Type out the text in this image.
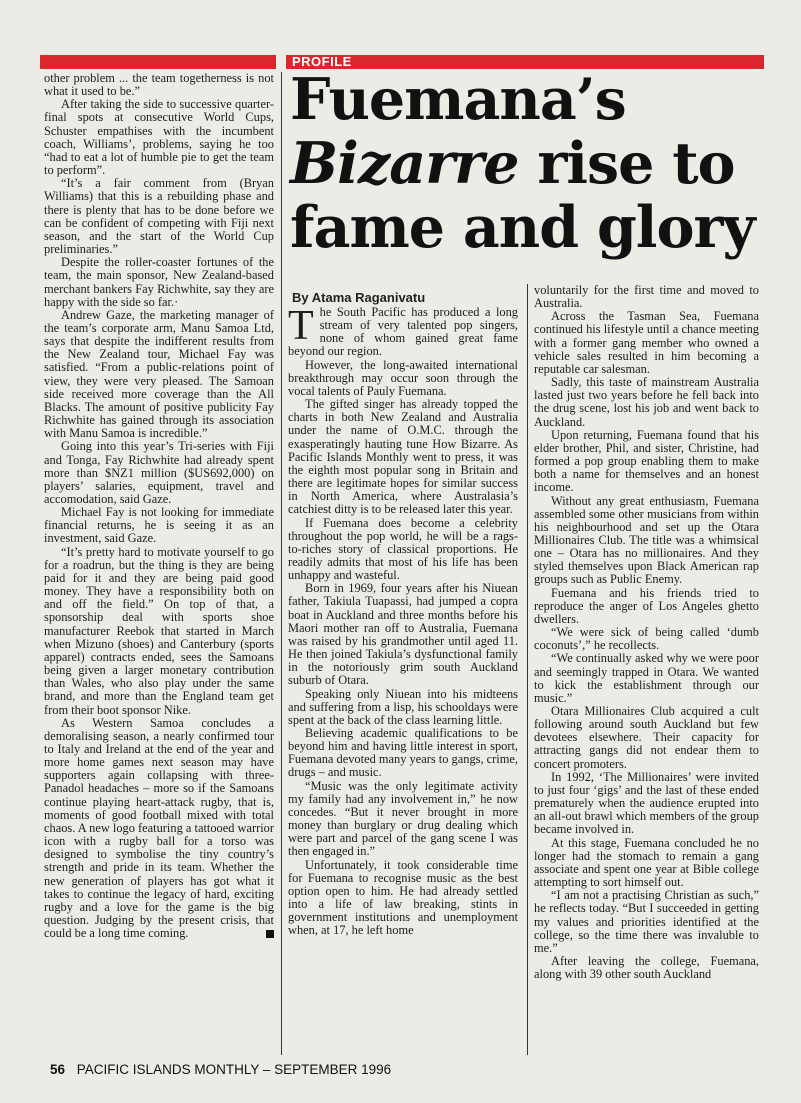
PROFILE
Fuemana’s
Bizarre rise to
fame and glory
By Atama Raganivatu

other problem ... the team togetherness is not what it used to be.”

After taking the side to successive quarter-final spots at consecutive World Cups, Schuster empathises with the incumbent coach, Williams’, problems, saying he too “had to eat a lot of humble pie to get the team to perform”.

“It’s a fair comment from (Bryan Williams) that this is a rebuilding phase and there is plenty that has to be done before we can be confident of competing with Fiji next season, and the start of the World Cup preliminaries.”

Despite the roller-coaster fortunes of the team, the main sponsor, New Zealand-based merchant bankers Fay Richwhite, say they are happy with the side so far.·

Andrew Gaze, the marketing manager of the team’s corporate arm, Manu Samoa Ltd, says that despite the indifferent results from the New Zealand tour, Michael Fay was satisfied. “From a public-relations point of view, they were very pleased. The Samoan side received more coverage than the All Blacks. The amount of positive publicity Fay Richwhite has gained through its association with Manu Samoa is incredible.”

Going into this year’s Tri-series with Fiji and Tonga, Fay Richwhite had already spent more than $NZ1 million ($US692,000) on players’ salaries, equipment, travel and accomodation, said Gaze.

Michael Fay is not looking for immediate financial returns, he is seeing it as an investment, said Gaze.

“It’s pretty hard to motivate yourself to go for a roadrun, but the thing is they are being paid for it and they are being paid good money. They have a responsibility both on and off the field.” On top of that, a sponsorship deal with sports shoe manufacturer Reebok that started in March when Mizuno (shoes) and Canterbury (sports apparel) contracts ended, sees the Samoans being given a larger monetary contribution than Wales, who also play under the same brand, and more than the England team get from their boot sponsor Nike.

As Western Samoa concludes a demoralising season, a nearly confirmed tour to Italy and Ireland at the end of the year and more home games next season may have supporters again collapsing with three-Panadol headaches – more so if the Samoans continue playing heart-attack rugby, that is, moments of good football mixed with total chaos. A new logo featuring a tattooed warrior icon with a rugby ball for a torso was designed to symbolise the tiny country’s strength and pride in its team. Whether the new generation of players has got what it takes to continue the legacy of hard, exciting rugby and a love for the game is the big question. Judging by the present crisis, that could be a long time coming.

The South Pacific has produced a long stream of very talented pop singers, none of whom gained great fame beyond our region.

However, the long-awaited international breakthrough may occur soon through the vocal talents of Pauly Fuemana.

The gifted singer has already topped the charts in both New Zealand and Australia under the name of O.M.C. through the exasperatingly hauting tune How Bizarre. As Pacific Islands Monthly went to press, it was the eighth most popular song in Britain and there are legitimate hopes for similar success in North America, where Australasia’s catchiest ditty is to be released later this year.

If Fuemana does become a celebrity throughout the pop world, he will be a rags-to-riches story of classical proportions. He readily admits that most of his life has been unhappy and wasteful.

Born in 1969, four years after his Niuean father, Takiula Tuapassi, had jumped a copra boat in Auckland and three months before his Maori mother ran off to Australia, Fuemana was raised by his grandmother until aged 11. He then joined Takiula’s dysfunctional family in the notoriously grim south Auckland suburb of Otara.

Speaking only Niuean into his midteens and suffering from a lisp, his schooldays were spent at the back of the class learning little.

Believing academic qualifications to be beyond him and having little interest in sport, Fuemana devoted many years to gangs, crime, drugs – and music.

“Music was the only legitimate activity my family had any involvement in,” he now concedes. “But it never brought in more money than burglary or drug dealing which were part and parcel of the gang scene I was then engaged in.”

Unfortunately, it took considerable time for Fuemana to recognise music as the best option open to him. He had already settled into a life of law breaking, stints in government institutions and unemployment when, at 17, he left home

voluntarily for the first time and moved to Australia.

Across the Tasman Sea, Fuemana continued his lifestyle until a chance meeting with a former gang member who owned a vehicle sales resulted in him becoming a reputable car salesman.

Sadly, this taste of mainstream Australia lasted just two years before he fell back into the drug scene, lost his job and went back to Auckland.

Upon returning, Fuemana found that his elder brother, Phil, and sister, Christine, had formed a pop group enabling them to make both a name for themselves and an honest income.

Without any great enthusiasm, Fuemana assembled some other musicians from within his neighbourhood and set up the Otara Millionaires Club. The title was a whimsical one – Otara has no millionaires. And they styled themselves upon Black American rap groups such as Public Enemy.

Fuemana and his friends tried to reproduce the anger of Los Angeles ghetto dwellers.

“We were sick of being called ‘dumb coconuts’,” he recollects.

“We continually asked why we were poor and seemingly trapped in Otara. We wanted to kick the establishment through our music.”

Otara Millionaires Club acquired a cult following around south Auckland but few devotees elsewhere. Their capacity for attracting gangs did not endear them to concert promoters.

In 1992, ‘The Millionaires’ were invited to just four ‘gigs’ and the last of these ended prematurely when the audience erupted into an all-out brawl which members of the group became involved in.

At this stage, Fuemana concluded he no longer had the stomach to remain a gang associate and spent one year at Bible college attempting to sort himself out.

“I am not a practising Christian as such,” he reflects today. “But I succeeded in getting my values and priorities identified at the college, so the time there was invaluble to me.”

After leaving the college, Fuemana, along with 39 other south Auckland

56 PACIFIC ISLANDS MONTHLY – SEPTEMBER 1996
